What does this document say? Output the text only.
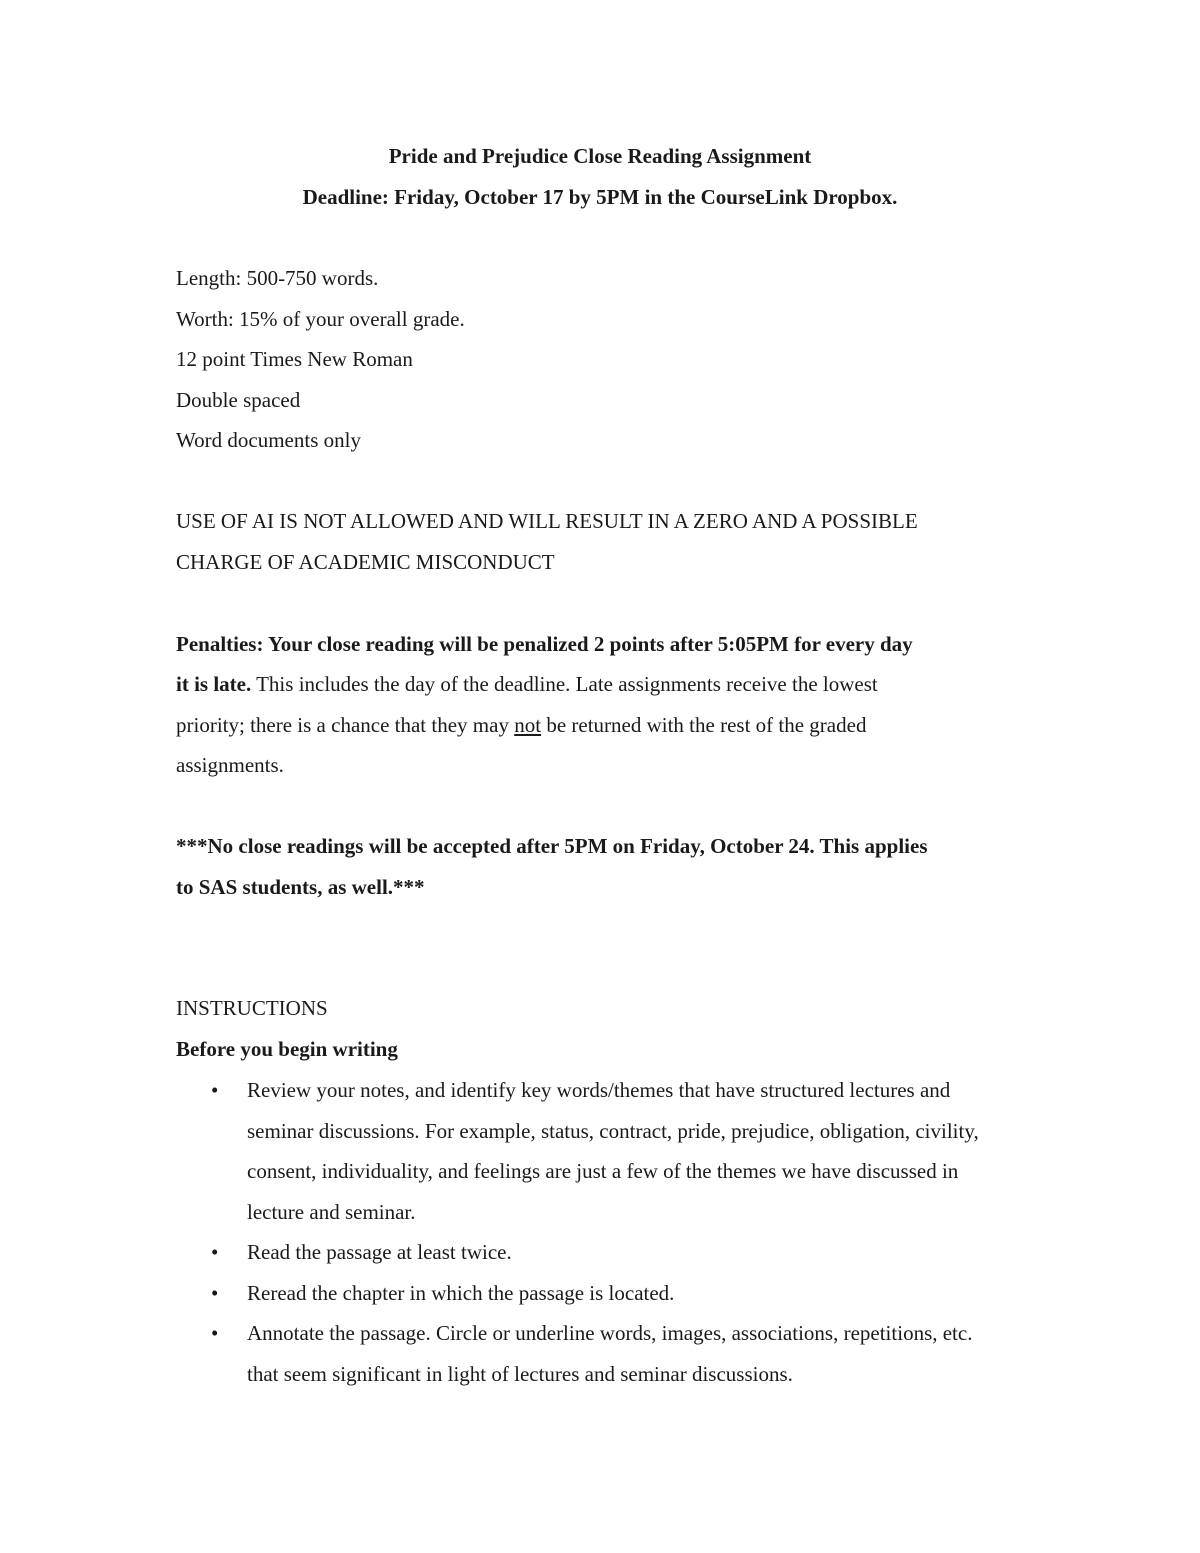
Pride and Prejudice Close Reading Assignment
Deadline: Friday, October 17 by 5PM in the CourseLink Dropbox.
Length: 500-750 words.
Worth: 15% of your overall grade.
12 point Times New Roman
Double spaced
Word documents only
USE OF AI IS NOT ALLOWED AND WILL RESULT IN A ZERO AND A POSSIBLE
CHARGE OF ACADEMIC MISCONDUCT
Penalties: Your close reading will be penalized 2 points after 5:05PM for every day
it is late. This includes the day of the deadline. Late assignments receive the lowest
priority; there is a chance that they may not be returned with the rest of the graded
assignments.
***No close readings will be accepted after 5PM on Friday, October 24. This applies
to SAS students, as well.***
INSTRUCTIONS
Before you begin writing
• Review your notes, and identify key words/themes that have structured lectures and
seminar discussions. For example, status, contract, pride, prejudice, obligation, civility,
consent, individuality, and feelings are just a few of the themes we have discussed in
lecture and seminar.
• Read the passage at least twice.
• Reread the chapter in which the passage is located.
• Annotate the passage. Circle or underline words, images, associations, repetitions, etc.
that seem significant in light of lectures and seminar discussions.
